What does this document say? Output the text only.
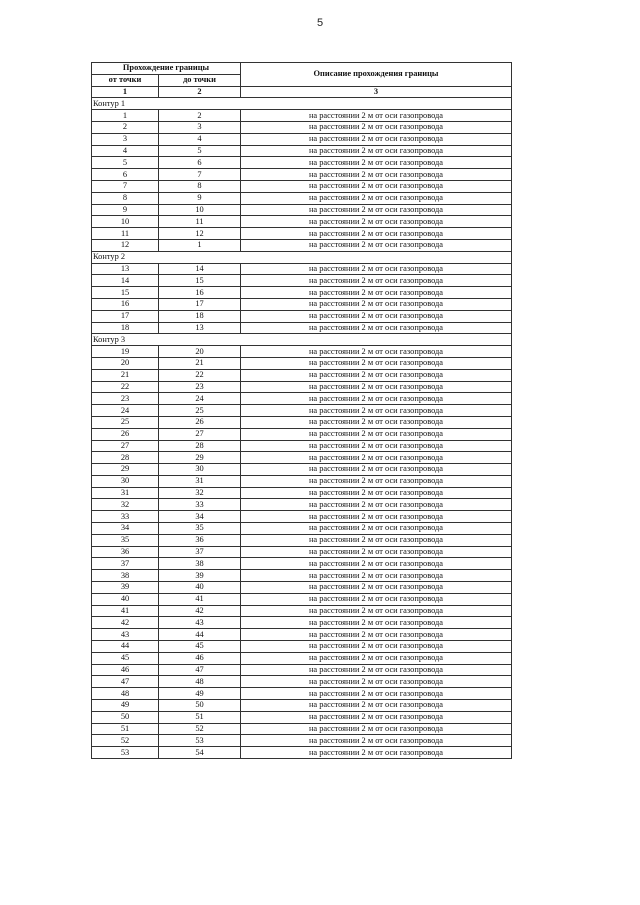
5
Прохождение границы		Описание прохождения границы
от точки	до точки	
1	2	3
Контур 1		
1	2	на расстоянии 2 м от оси газопровода
2	3	на расстоянии 2 м от оси газопровода
3	4	на расстоянии 2 м от оси газопровода
4	5	на расстоянии 2 м от оси газопровода
5	6	на расстоянии 2 м от оси газопровода
6	7	на расстоянии 2 м от оси газопровода
7	8	на расстоянии 2 м от оси газопровода
8	9	на расстоянии 2 м от оси газопровода
9	10	на расстоянии 2 м от оси газопровода
10	11	на расстоянии 2 м от оси газопровода
11	12	на расстоянии 2 м от оси газопровода
12	1	на расстоянии 2 м от оси газопровода
Контур 2		
13	14	на расстоянии 2 м от оси газопровода
14	15	на расстоянии 2 м от оси газопровода
15	16	на расстоянии 2 м от оси газопровода
16	17	на расстоянии 2 м от оси газопровода
17	18	на расстоянии 2 м от оси газопровода
18	13	на расстоянии 2 м от оси газопровода
Контур 3		
19	20	на расстоянии 2 м от оси газопровода
20	21	на расстоянии 2 м от оси газопровода
21	22	на расстоянии 2 м от оси газопровода
22	23	на расстоянии 2 м от оси газопровода
23	24	на расстоянии 2 м от оси газопровода
24	25	на расстоянии 2 м от оси газопровода
25	26	на расстоянии 2 м от оси газопровода
26	27	на расстоянии 2 м от оси газопровода
27	28	на расстоянии 2 м от оси газопровода
28	29	на расстоянии 2 м от оси газопровода
29	30	на расстоянии 2 м от оси газопровода
30	31	на расстоянии 2 м от оси газопровода
31	32	на расстоянии 2 м от оси газопровода
32	33	на расстоянии 2 м от оси газопровода
33	34	на расстоянии 2 м от оси газопровода
34	35	на расстоянии 2 м от оси газопровода
35	36	на расстоянии 2 м от оси газопровода
36	37	на расстоянии 2 м от оси газопровода
37	38	на расстоянии 2 м от оси газопровода
38	39	на расстоянии 2 м от оси газопровода
39	40	на расстоянии 2 м от оси газопровода
40	41	на расстоянии 2 м от оси газопровода
41	42	на расстоянии 2 м от оси газопровода
42	43	на расстоянии 2 м от оси газопровода
43	44	на расстоянии 2 м от оси газопровода
44	45	на расстоянии 2 м от оси газопровода
45	46	на расстоянии 2 м от оси газопровода
46	47	на расстоянии 2 м от оси газопровода
47	48	на расстоянии 2 м от оси газопровода
48	49	на расстоянии 2 м от оси газопровода
49	50	на расстоянии 2 м от оси газопровода
50	51	на расстоянии 2 м от оси газопровода
51	52	на расстоянии 2 м от оси газопровода
52	53	на расстоянии 2 м от оси газопровода
53	54	на расстоянии 2 м от оси газопровода
